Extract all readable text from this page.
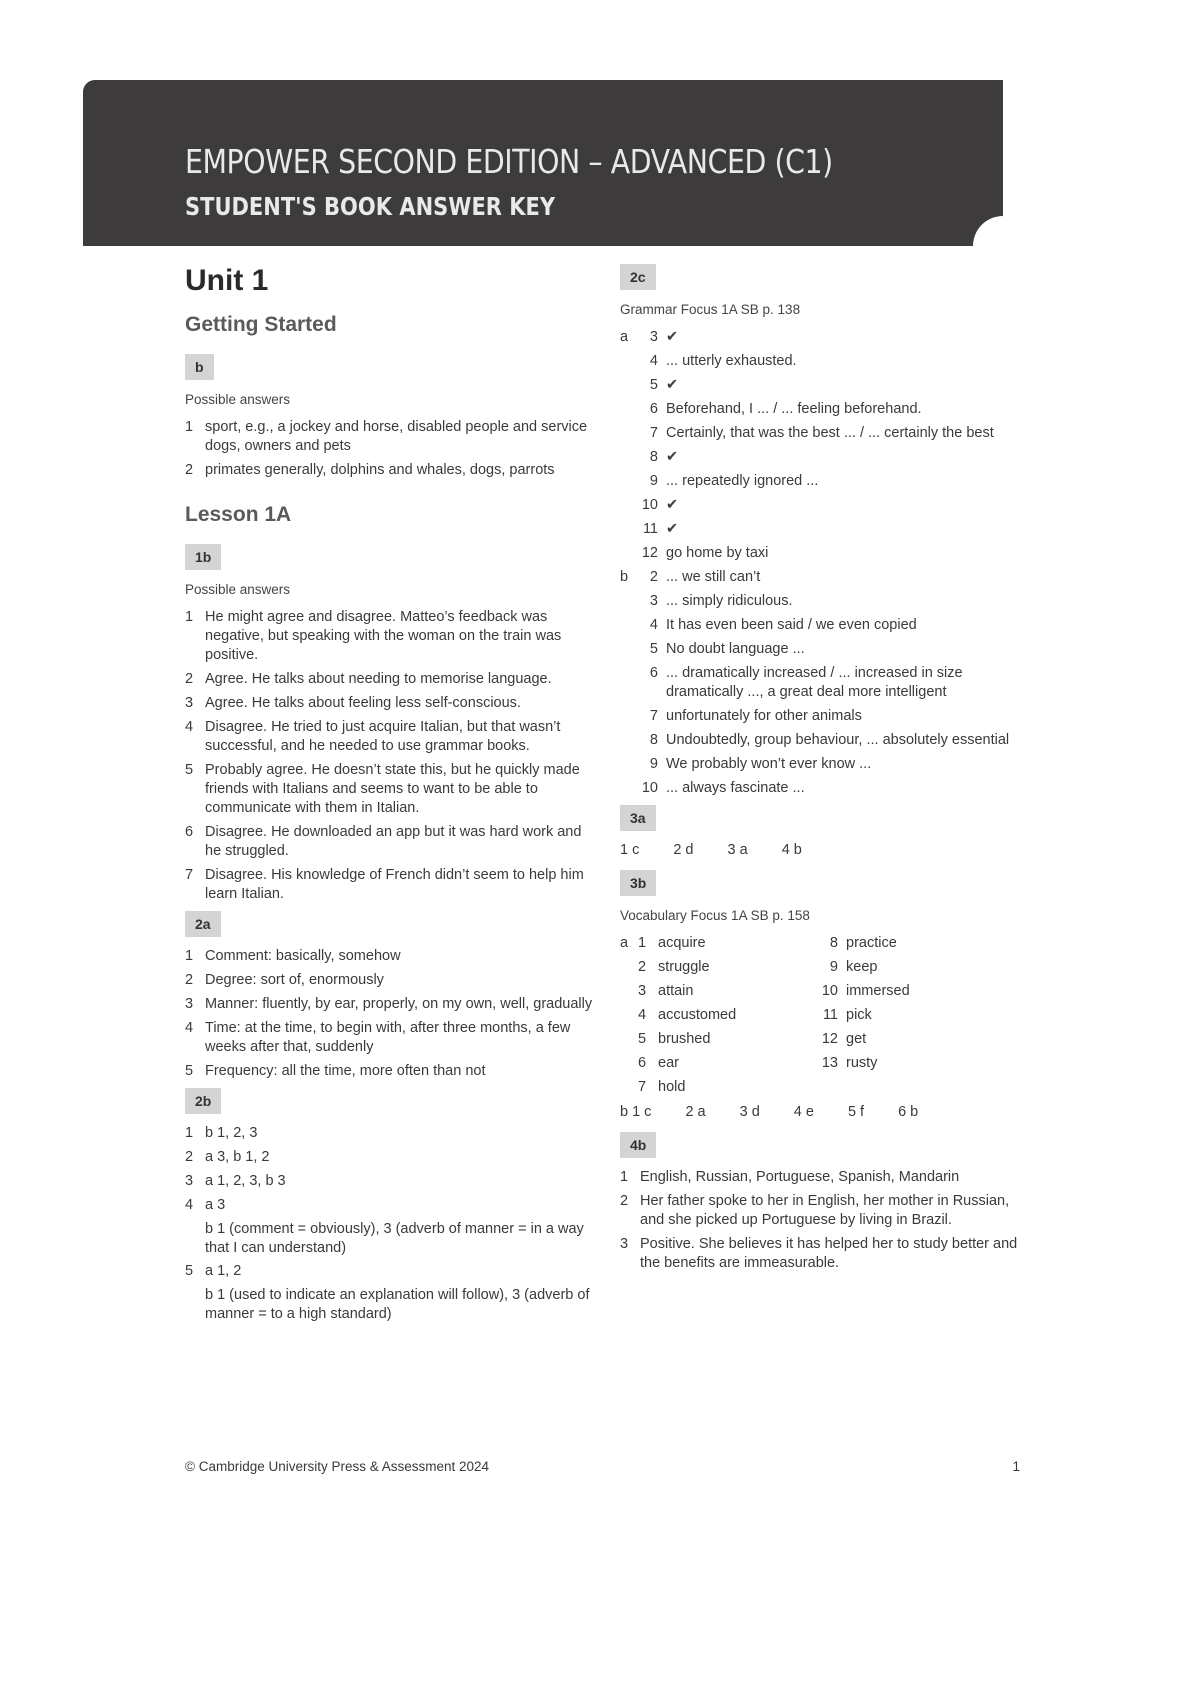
EMPOWER SECOND EDITION – ADVANCED (C1)
STUDENT'S BOOK ANSWER KEY
Unit 1
Getting Started
b
Possible answers
1 sport, e.g., a jockey and horse, disabled people and service dogs, owners and pets
2 primates generally, dolphins and whales, dogs, parrots
Lesson 1A
1b
Possible answers
1 He might agree and disagree. Matteo’s feedback was negative, but speaking with the woman on the train was positive.
2 Agree. He talks about needing to memorise language.
3 Agree. He talks about feeling less self-conscious.
4 Disagree. He tried to just acquire Italian, but that wasn’t successful, and he needed to use grammar books.
5 Probably agree. He doesn’t state this, but he quickly made friends with Italians and seems to want to be able to communicate with them in Italian.
6 Disagree. He downloaded an app but it was hard work and he struggled.
7 Disagree. His knowledge of French didn’t seem to help him learn Italian.
2a
1 Comment: basically, somehow
2 Degree: sort of, enormously
3 Manner: fluently, by ear, properly, on my own, well, gradually
4 Time: at the time, to begin with, after three months, a few weeks after that, suddenly
5 Frequency: all the time, more often than not
2b
1 b 1, 2, 3
2 a 3, b 1, 2
3 a 1, 2, 3, b 3
4 a 3
b 1 (comment = obviously), 3 (adverb of manner = in a way that I can understand)
5 a 1, 2
b 1 (used to indicate an explanation will follow), 3 (adverb of manner = to a high standard)
2c
Grammar Focus 1A SB p. 138
a	3 ✔
4 ... utterly exhausted.
5 ✔
6 Beforehand, I ... / ... feeling beforehand.
7 Certainly, that was the best ... / ... certainly the best
8 ✔
9 ... repeatedly ignored ...
10 ✔
11 ✔
12 go home by taxi
b	2 ... we still can’t
3 ... simply ridiculous.
4 It has even been said / we even copied
5 No doubt language ...
6 ... dramatically increased / ... increased in size dramatically ..., a great deal more intelligent
7 unfortunately for other animals
8 Undoubtedly, group behaviour, ... absolutely essential
9 We probably won’t ever know ...
10 ... always fascinate ...
3a
1 c 2 d 3 a 4 b
3b
Vocabulary Focus 1A SB p. 158
a 1 acquire	8 practice
2 struggle	9 keep
3 attain	10 immersed
4 accustomed	11 pick
5 brushed	12 get
6 ear	13 rusty
7 hold
b 1 c 2 a 3 d 4 e 5 f 6 b
4b
1 English, Russian, Portuguese, Spanish, Mandarin
2 Her father spoke to her in English, her mother in Russian, and she picked up Portuguese by living in Brazil.
3 Positive. She believes it has helped her to study better and the benefits are immeasurable.
© Cambridge University Press & Assessment 2024	1
